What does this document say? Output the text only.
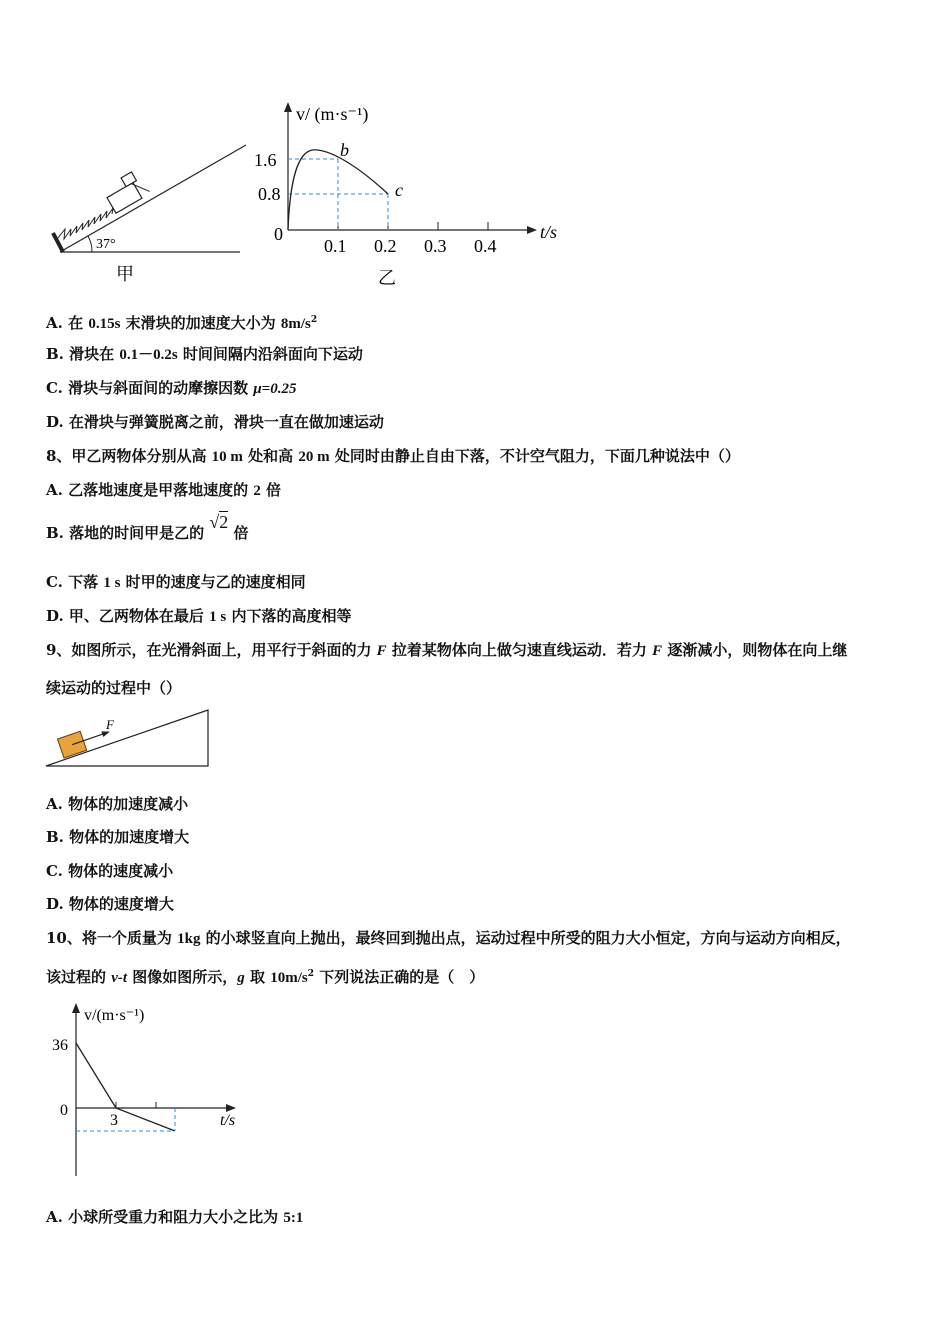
37°
甲
v/ (m·s⁻¹)
t/s
0
1.6
0.8
0.1 0.2 0.3 0.4
b
c
乙
A. 在 0.15s 末滑块的加速度大小为 $8m/s^2$
B. 滑块在 0.1－0.2s 时间间隔内沿斜面向下运动
C. 滑块与斜面间的动摩擦因数 μ=0.25
D. 在滑块与弹簧脱离之前，滑块一直在做加速运动
8、甲乙两物体分别从高 10 m 处和高 20 m 处同时由静止自由下落，不计空气阻力，下面几种说法中（）
A. 乙落地速度是甲落地速度的 2 倍
B. 落地的时间甲是乙的 √2 倍
C. 下落 1 s 时甲的速度与乙的速度相同
D. 甲、乙两物体在最后 1 s 内下落的高度相等
9、如图所示，在光滑斜面上，用平行于斜面的力 F 拉着某物体向上做匀速直线运动．若力 F 逐渐减小，则物体在向上继
续运动的过程中（）
F
A. 物体的加速度减小
B. 物体的加速度增大
C. 物体的速度减小
D. 物体的速度增大
10、将一个质量为 1kg 的小球竖直向上抛出，最终回到抛出点，运动过程中所受的阻力大小恒定，方向与运动方向相反，
该过程的 v-t 图像如图所示，g 取 $10m/s^2$ 下列说法正确的是（　）
v/(m·s⁻¹)
t/s
0
36
3
A. 小球所受重力和阻力大小之比为 5:1
